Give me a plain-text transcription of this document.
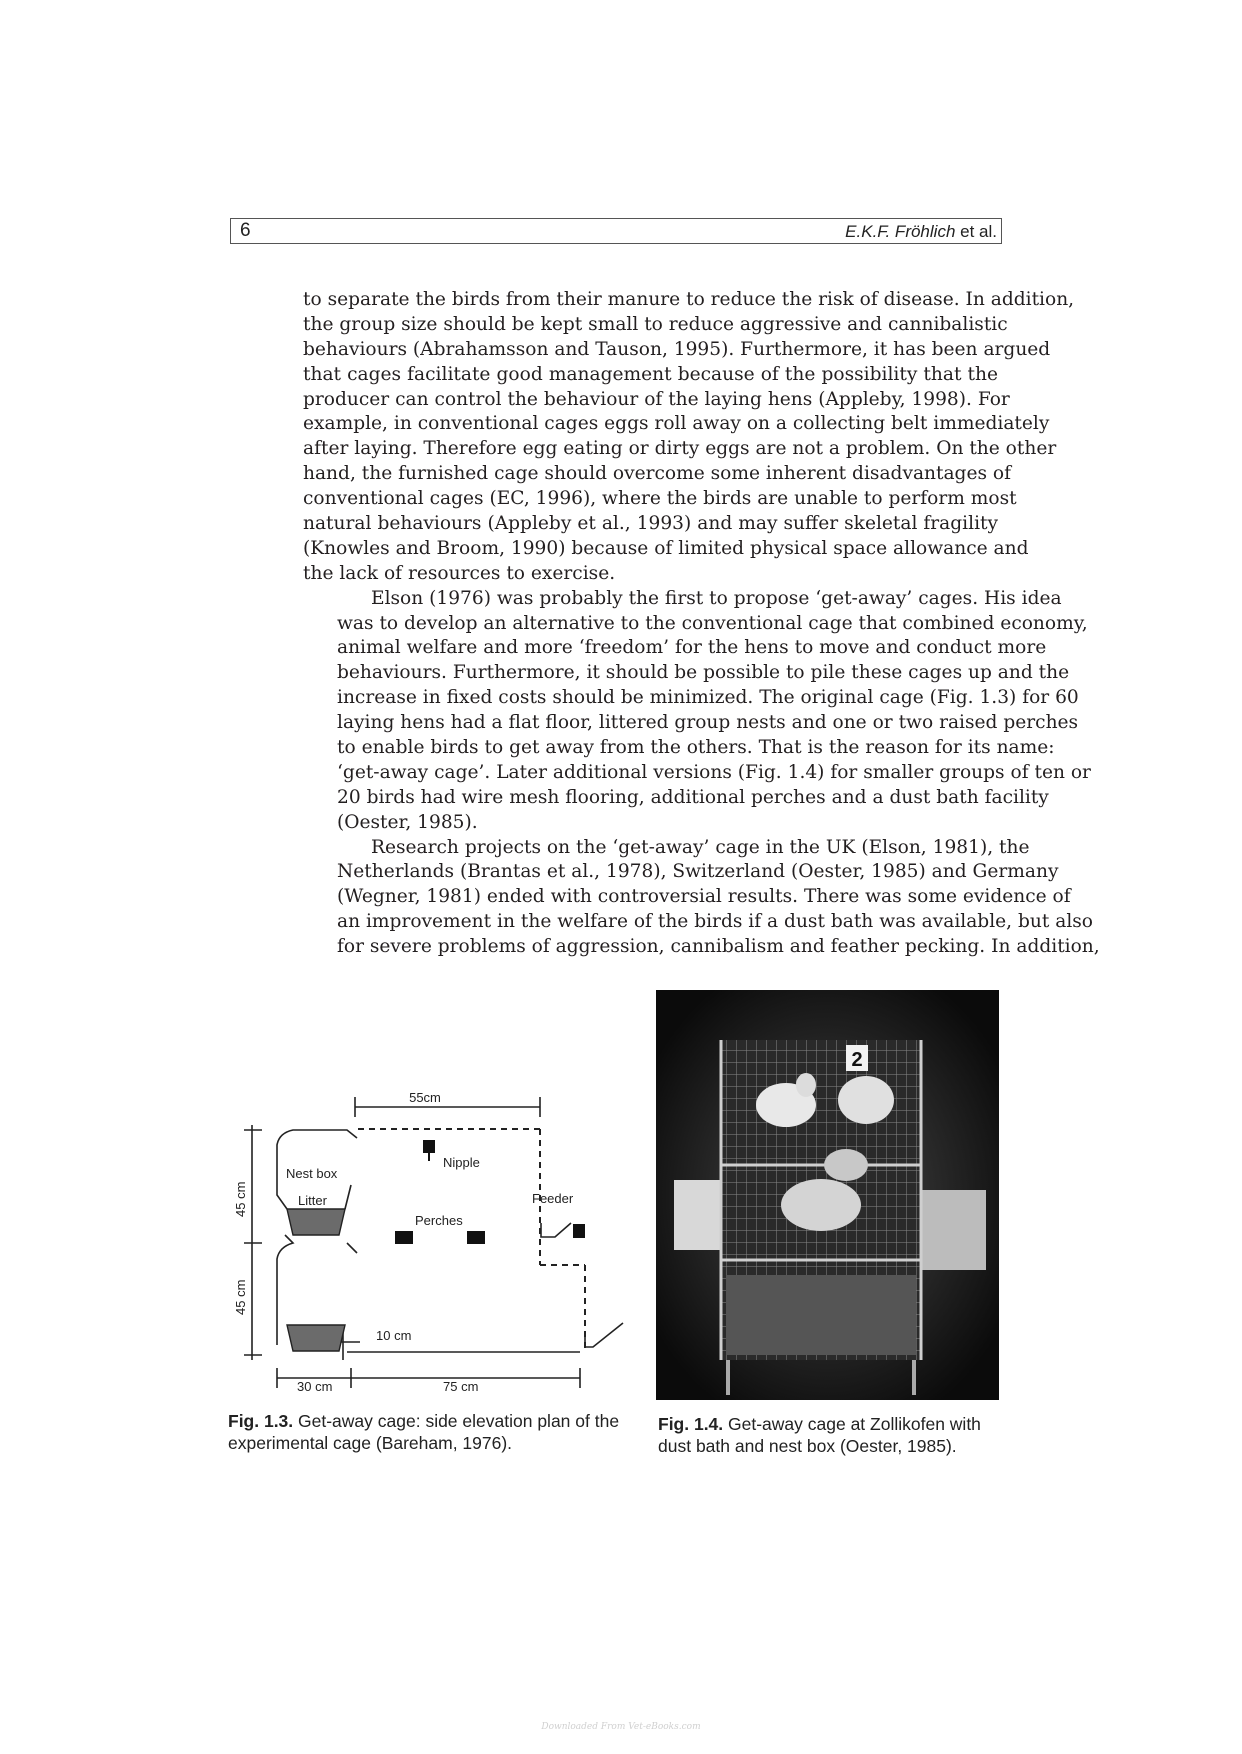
6	E.K.F. Fröhlich et al.

to separate the birds from their manure to reduce the risk of disease. In addition,
the group size should be kept small to reduce aggressive and cannibalistic
behaviours (Abrahamsson and Tauson, 1995). Furthermore, it has been argued
that cages facilitate good management because of the possibility that the
producer can control the behaviour of the laying hens (Appleby, 1998). For
example, in conventional cages eggs roll away on a collecting belt immediately
after laying. Therefore egg eating or dirty eggs are not a problem. On the other
hand, the furnished cage should overcome some inherent disadvantages of
conventional cages (EC, 1996), where the birds are unable to perform most
natural behaviours (Appleby et al., 1993) and may suffer skeletal fragility
(Knowles and Broom, 1990) because of limited physical space allowance and
the lack of resources to exercise.

Elson (1976) was probably the first to propose ‘get-away’ cages. His idea
was to develop an alternative to the conventional cage that combined economy,
animal welfare and more ‘freedom’ for the hens to move and conduct more
behaviours. Furthermore, it should be possible to pile these cages up and the
increase in fixed costs should be minimized. The original cage (Fig. 1.3) for 60
laying hens had a flat floor, littered group nests and one or two raised perches
to enable birds to get away from the others. That is the reason for its name:
‘get-away cage’. Later additional versions (Fig. 1.4) for smaller groups of ten or
20 birds had wire mesh flooring, additional perches and a dust bath facility
(Oester, 1985).

Research projects on the ‘get-away’ cage in the UK (Elson, 1981), the
Netherlands (Brantas et al., 1978), Switzerland (Oester, 1985) and Germany
(Wegner, 1981) ended with controversial results. There was some evidence of
an improvement in the welfare of the birds if a dust bath was available, but also
for severe problems of aggression, cannibalism and feather pecking. In addition,

55cm
Nipple
Nest box
Litter	Feeder
Perches
45 cm
45 cm
10 cm
30 cm	75 cm
2
Fig. 1.3. Get-away cage: side elevation plan of the experimental cage (Bareham, 1976).
Fig. 1.4. Get-away cage at Zollikofen with dust bath and nest box (Oester, 1985).
Downloaded From Vet-eBooks.com
